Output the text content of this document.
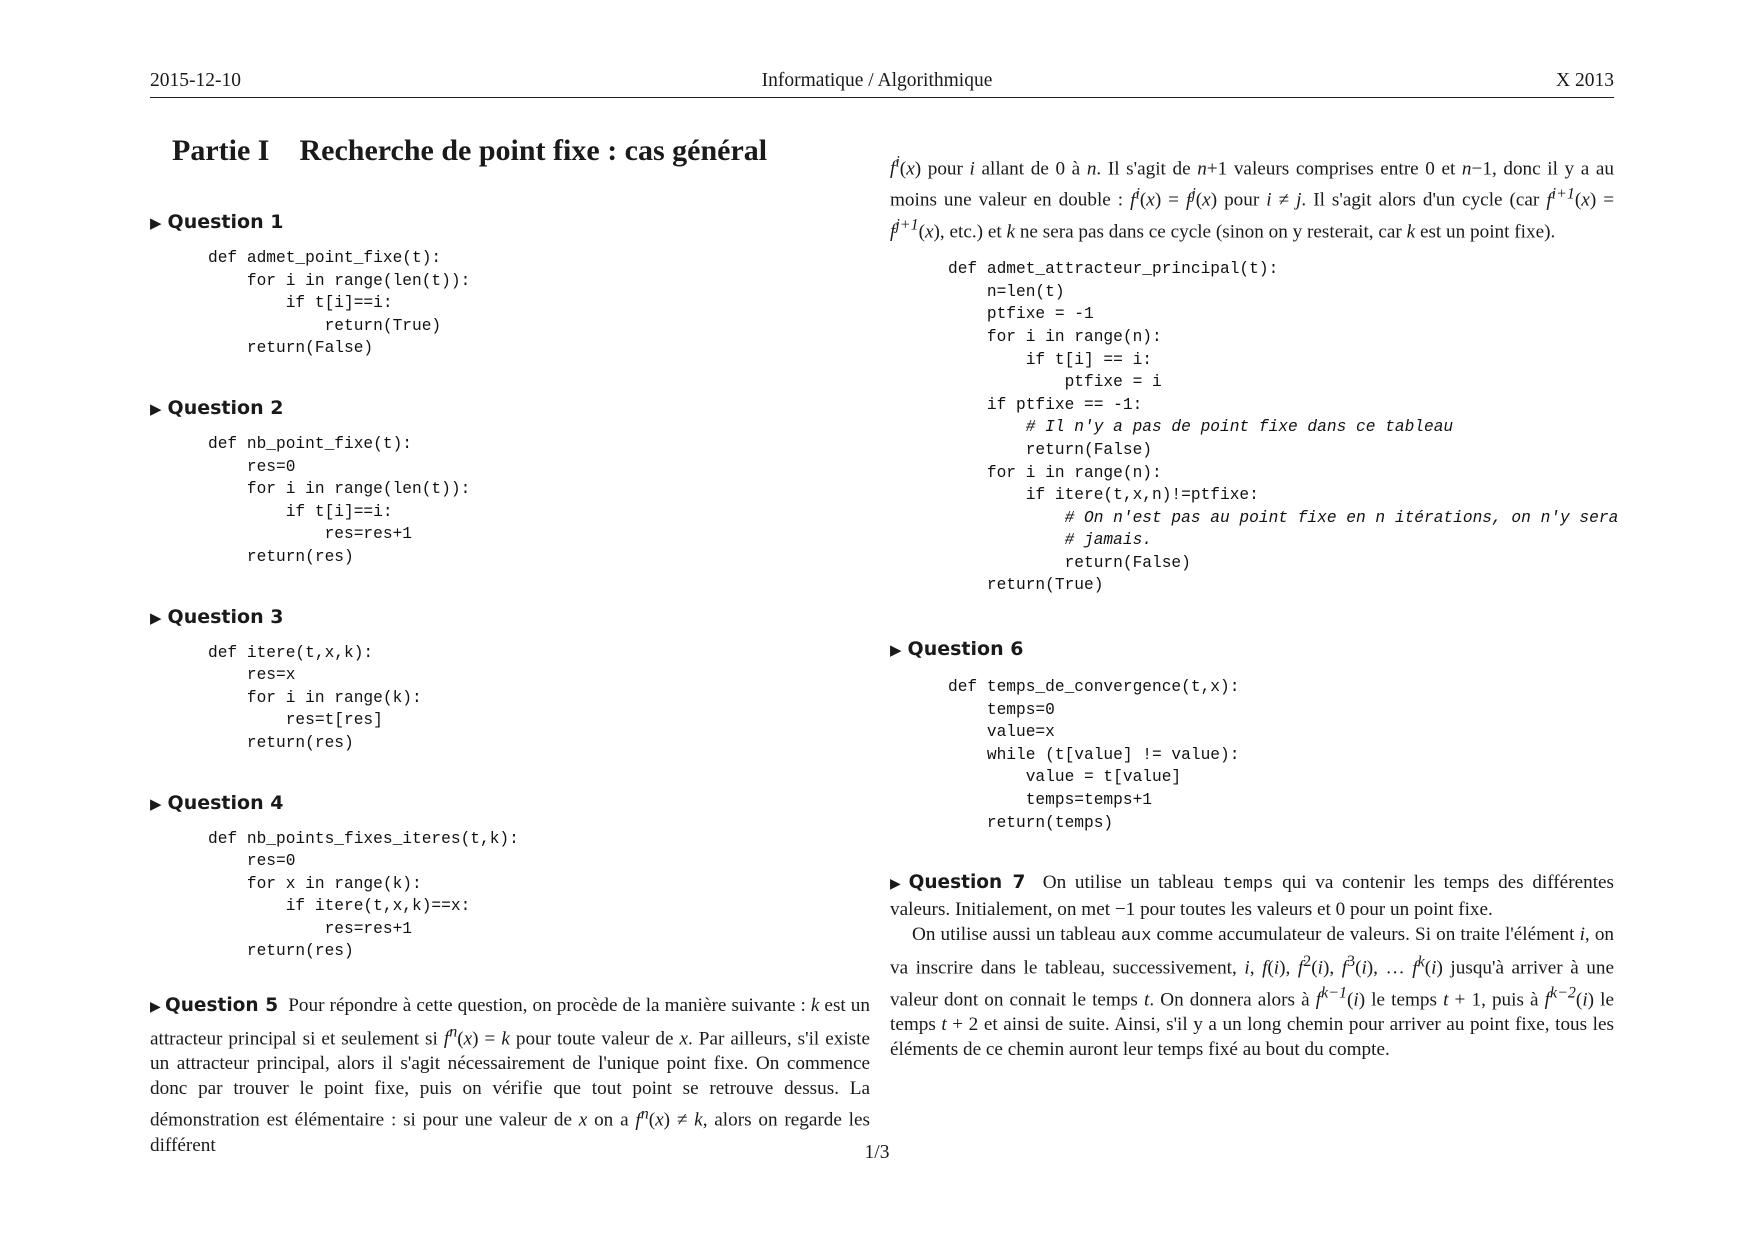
2015-12-10	Informatique / Algorithmique	X 2013
Partie I Recherche de point fixe : cas général
▶ Question 1
def admet_point_fixe(t):
for i in range(len(t)):
if t[i]==i:
return(True)
return(False)
▶ Question 2
def nb_point_fixe(t):
res=0
for i in range(len(t)):
if t[i]==i:
res=res+1
return(res)
▶ Question 3
def itere(t,x,k):
res=x
for i in range(k):
res=t[res]
return(res)
▶ Question 4
def nb_points_fixes_iteres(t,k):
res=0
for x in range(k):
if itere(t,x,k)==x:
res=res+1
return(res)

▶ Question 5 Pour répondre à cette question, on procède de la manière suivante : k est un attracteur principal si et seulement si $f^n(x) = k$ pour toute valeur de x. Par ailleurs, s'il existe un attracteur principal, alors il s'agit nécessairement de l'unique point fixe. On commence donc par trouver le point fixe, puis on vérifie que tout point se retrouve dessus. La démonstration est élémentaire : si pour une valeur de x on a $f^n(x) \ne k$, alors on regarde les différent

$f^i(x)$ pour i allant de 0 à n. Il s'agit de n+1 valeurs comprises entre 0 et n−1, donc il y a au moins une valeur en double : $f^i(x) = f^j(x)$ pour i ≠ j. Il s'agit alors d'un cycle (car $f^{i+1}(x) = f^{j+1}(x)$, etc.) et k ne sera pas dans ce cycle (sinon on y resterait, car k est un point fixe).

def admet_attracteur_principal(t):
n=len(t)
ptfixe = -1
for i in range(n):
if t[i] == i:
ptfixe = i
if ptfixe == -1:
# Il n'y a pas de point fixe dans ce tableau
return(False)
for i in range(n):
if itere(t,x,n)!=ptfixe:
# On n'est pas au point fixe en n itérations, on n'y sera
# jamais.
return(False)
return(True)
▶ Question 6
def temps_de_convergence(t,x):
temps=0
value=x
while (t[value] != value):
value = t[value]
temps=temps+1
return(temps)

▶ Question 7 On utilise un tableau temps qui va contenir les temps des différentes valeurs. Initialement, on met −1 pour toutes les valeurs et 0 pour un point fixe.

On utilise aussi un tableau aux comme accumulateur de valeurs. Si on traite l'élément i, on va inscrire dans le tableau, successivement, i, f(i), $f^2(i)$, $f^3(i)$, … $f^k(i)$ jusqu'à arriver à une valeur dont on connait le temps t. On donnera alors à $f^{k-1}(i)$ le temps t + 1, puis à $f^{k-2}(i)$ le temps t + 2 et ainsi de suite. Ainsi, s'il y a un long chemin pour arriver au point fixe, tous les éléments de ce chemin auront leur temps fixé au bout du compte.

1/3
